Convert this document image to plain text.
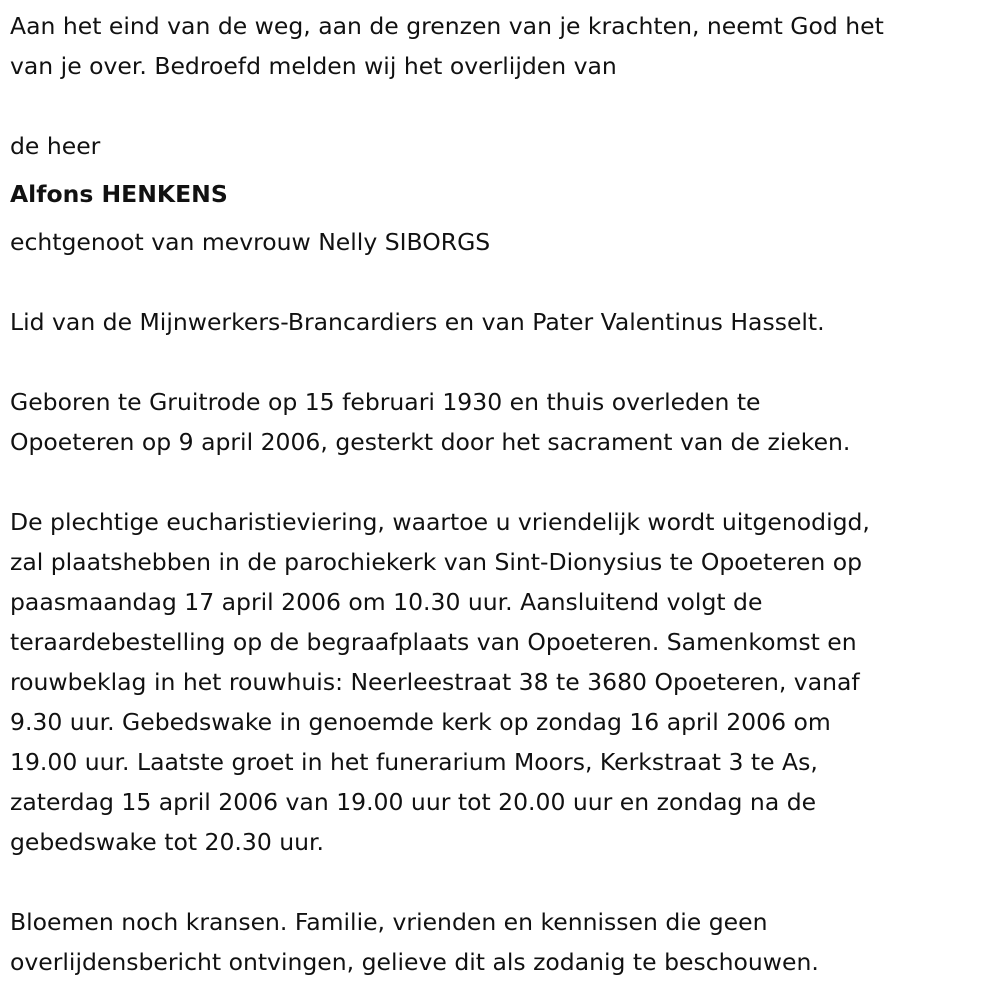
Aan het eind van de weg, aan de grenzen van je krachten, neemt God het
van je over. Bedroefd melden wij het overlijden van
de heer
Alfons HENKENS
echtgenoot van mevrouw Nelly SIBORGS
Lid van de Mijnwerkers-Brancardiers en van Pater Valentinus Hasselt.
Geboren te Gruitrode op 15 februari 1930 en thuis overleden te
Opoeteren op 9 april 2006, gesterkt door het sacrament van de zieken.
De plechtige eucharistieviering, waartoe u vriendelijk wordt uitgenodigd,
zal plaatshebben in de parochiekerk van Sint-Dionysius te Opoeteren op
paasmaandag 17 april 2006 om 10.30 uur. Aansluitend volgt de
teraardebestelling op de begraafplaats van Opoeteren. Samenkomst en
rouwbeklag in het rouwhuis: Neerleestraat 38 te 3680 Opoeteren, vanaf
9.30 uur. Gebedswake in genoemde kerk op zondag 16 april 2006 om
19.00 uur. Laatste groet in het funerarium Moors, Kerkstraat 3 te As,
zaterdag 15 april 2006 van 19.00 uur tot 20.00 uur en zondag na de
gebedswake tot 20.30 uur.
Bloemen noch kransen. Familie, vrienden en kennissen die geen
overlijdensbericht ontvingen, gelieve dit als zodanig te beschouwen.
